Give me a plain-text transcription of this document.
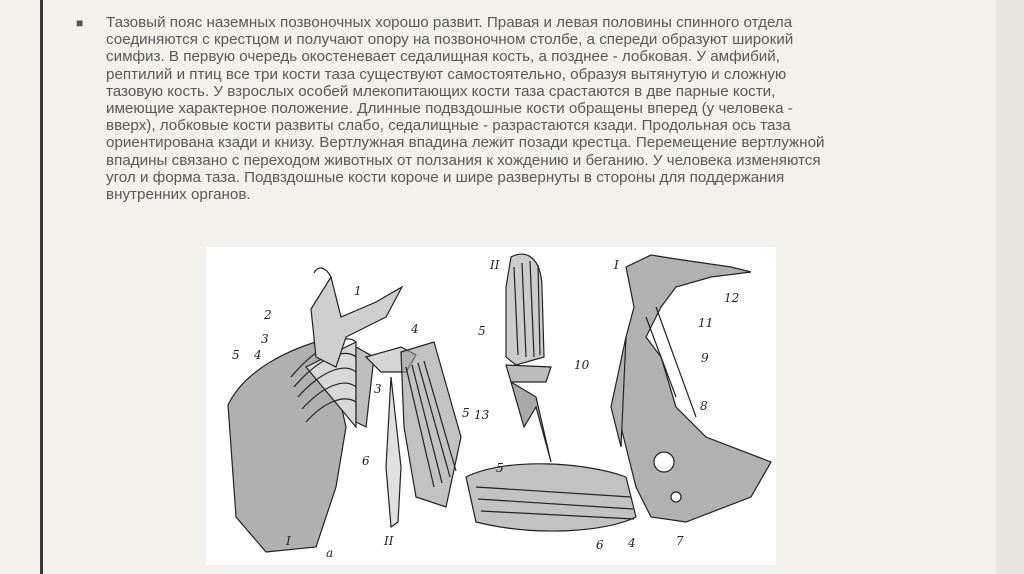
■ Тазовый пояс наземных позвоночных хорошо развит. Правая и левая половины спинного отдела
соединяются с крестцом и получают опору на позвоночном столбе, а спереди образуют широкий
симфиз. В первую очередь окостеневает седалищная кость, а позднее - лобковая. У амфибий,
рептилий и птиц все три кости таза существуют самостоятельно, образуя вытянутую и сложную
тазовую кость. У взрослых особей млекопитающих кости таза срастаются в две парные кости,
имеющие характерное положение. Длинные подвздошные кости обращены вперед (у человека -
вверх), лобковые кости развиты слабо, седалищные - разрастаются кзади. Продольная ось таза
ориентирована кзади и книзу. Вертлужная впадина лежит позади крестца. Перемещение вертлужной
впадины связано с переходом животных от ползания к хождению и беганию. У человека изменяются
угол и форма таза. Подвздошные кости короче и шире развернуты в стороны для поддержания
внутренних органов.

2
1
3
4
5
3
4
5
6
II
I
a
II
5
13
5
I
12
11
10	9
8
6 4	7
